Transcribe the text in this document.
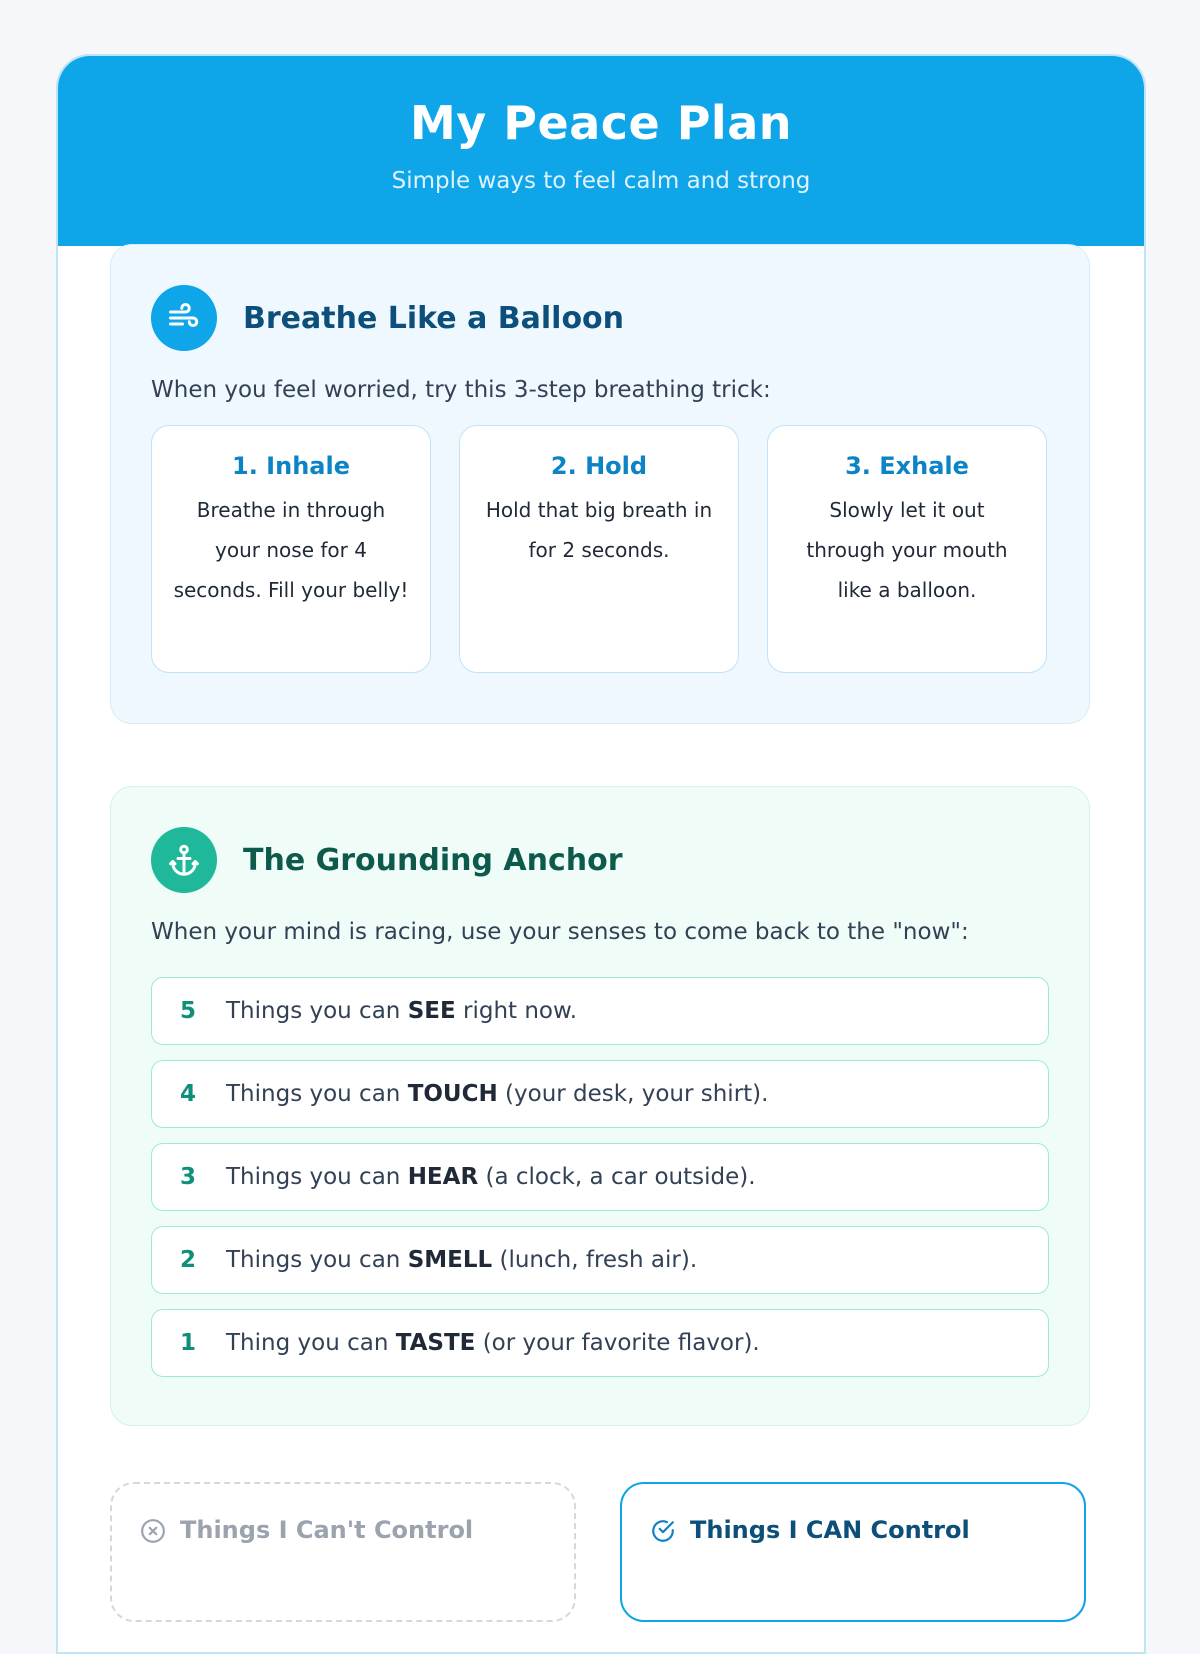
My Peace Plan

Simple ways to feel calm and strong

Breathe Like a Balloon
When you feel worried, try this 3-step breathing trick:
1. Inhale
Breathe in through your nose for 4 seconds. Fill your belly!
2. Hold
Hold that big breath in for 2 seconds.
3. Exhale
Slowly let it out through your mouth like a balloon.
The Grounding Anchor
When your mind is racing, use your senses to come back to the "now":
5	Things you can SEE right now.
4	Things you can TOUCH (your desk, your shirt).
3	Things you can HEAR (a clock, a car outside).
2	Things you can SMELL (lunch, fresh air).
1	Thing you can TASTE (or your favorite flavor).
Things I Can't Control	Things I CAN Control
